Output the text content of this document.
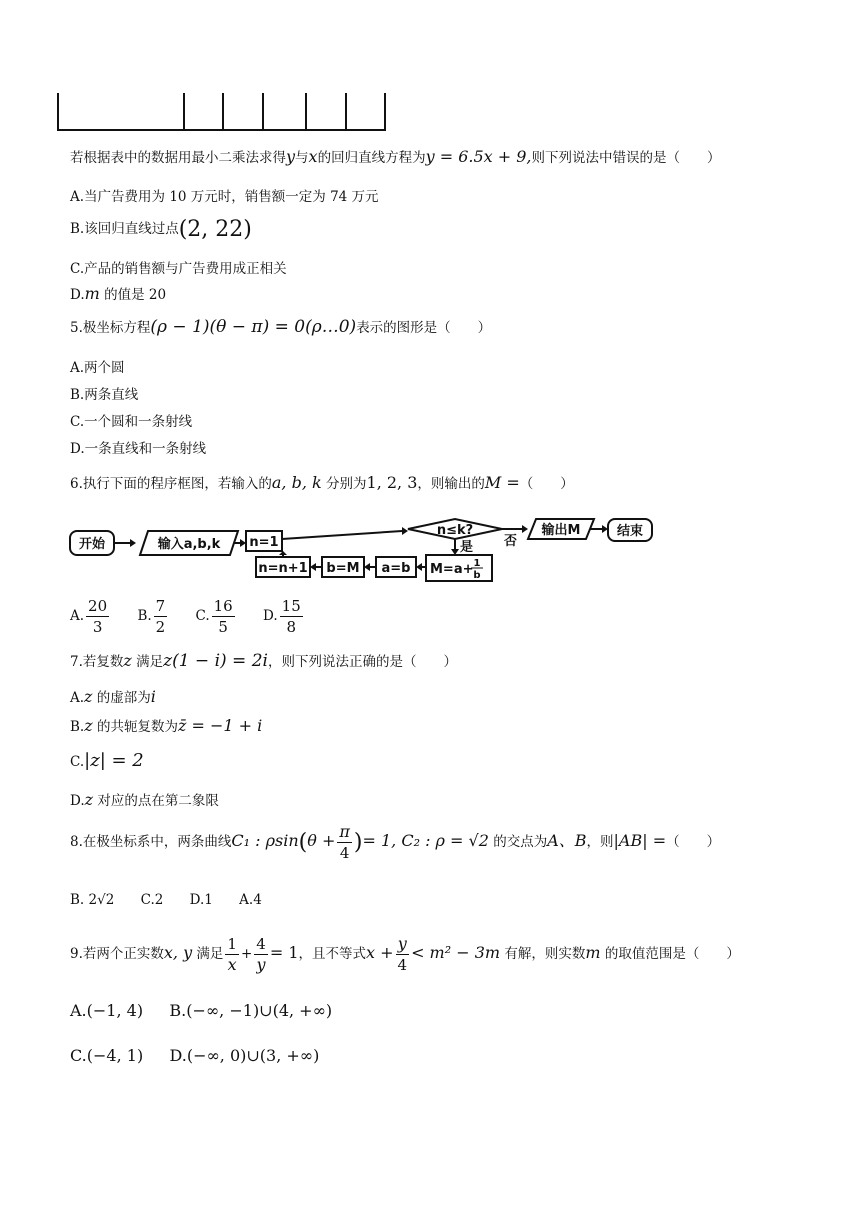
若根据表中的数据用最小二乘法求得y与x的回归直线方程为y = 6.5x + 9,则下列说法中错误的是（　　）
A.当广告费用为 10 万元时，销售额一定为 74 万元
B.该回归直线过点(2, 22)
C.产品的销售额与广告费用成正相关
D.m 的值是 20
5.极坐标方程(ρ − 1)(θ − π) = 0(ρ…0)表示的图形是（　　）
A.两个圆
B.两条直线
C.一个圆和一条射线
D.一条直线和一条射线
6.执行下面的程序框图，若输入的a, b, k 分别为1, 2, 3，则输出的M =（　　）
开始	输入a,b,k n=1
n≤k?
否
输出M	结束
是
M=a+ 1
b
a=b
b=M
n=n+1
A. $\frac{20}{3} B$. $\frac{7}{2} C$. $\frac{16}{5} D$. $\frac{15}{8}$
7.若复数z 满足z(1 − i) = 2i，则下列说法正确的是（　　）
A.z 的虚部为i
B.z 的共轭复数为z̄ = −1 + i
C.|z| = 2
D.z 对应的点在第二象限
8.在极坐标系中，两条曲线C₁ : $\rho\sin(\theta + \frac{\pi}{4}$ )= 1, C₂ : ρ = √2 的交点为A、B，则|AB| =（　　）
B. 2√2 C.2 D.1 A.4
9.若两个正实数x, y 满足 $\frac{1}{x} + \frac{4}{y} = 1$，且不等式$x + \frac{y}{4} < m^2 - 3m$ 有解，则实数m 的取值范围是（　　）
A.(−1, 4) B.(−∞, −1)∪(4, +∞)
C.(−4, 1) D.(−∞, 0)∪(3, +∞)
